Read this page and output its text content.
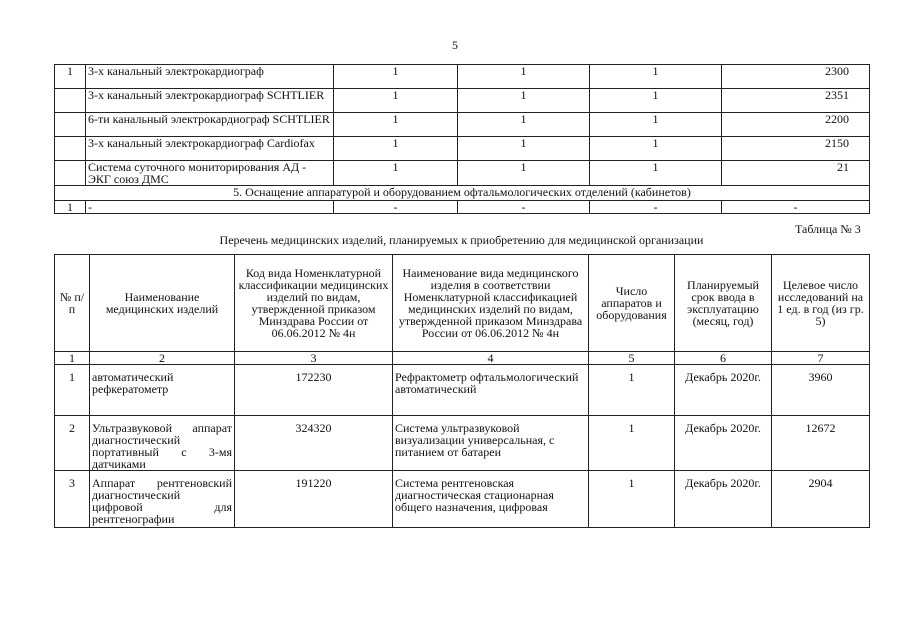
5
1	3-х канальный электрокардиограф	1	1	1	2300
	3-х канальный электрокардиограф SCHTLIER	1	1	1	2351
	6-ти канальный электрокардиограф SCHTLIER	1	1	1	2200
	3-х канальный электрокардиограф Cardiofax	1	1	1	2150
	Система суточного мониторирования АД - ЭКГ союз ДМС	1	1	1	21
5. Оснащение аппаратурой и оборудованием офтальмологических отделений (кабинетов)					
1	-	-	-	-	-
Таблица № 3
Перечень медицинских изделий, планируемых к приобретению для медицинской организации
№ п/п	Наименование медицинских изделий	Код вида Номенклатурной классификации медицинских изделий по видам, утвержденной приказом Минздрава России от 06.06.2012 № 4н	Наименование вида медицинского изделия в соответствии Номенклатурной классификацией медицинских изделий по видам, утвержденной приказом Минздрава России от 06.06.2012 № 4н	Число аппаратов и оборудования	Планируемый срок ввода в эксплуатацию (месяц, год)	Целевое число исследований на 1 ед. в год (из гр. 5)
1	2	3	4	5	6	7
1	автоматический рефкератометр	172230	Рефрактометр офтальмологический автоматический	1	Декабрь 2020г.	3960
2	Ультразвуковой аппарат диагностический портативный с 3-мя датчиками	324320	Система ультразвуковой визуализации универсальная, с питанием от батареи	1	Декабрь 2020г.	12672
3	Аппарат рентгеновский диагностический цифровой для рентгенографии	191220	Система рентгеновская диагностическая стационарная общего назначения, цифровая	1	Декабрь 2020г.	2904
